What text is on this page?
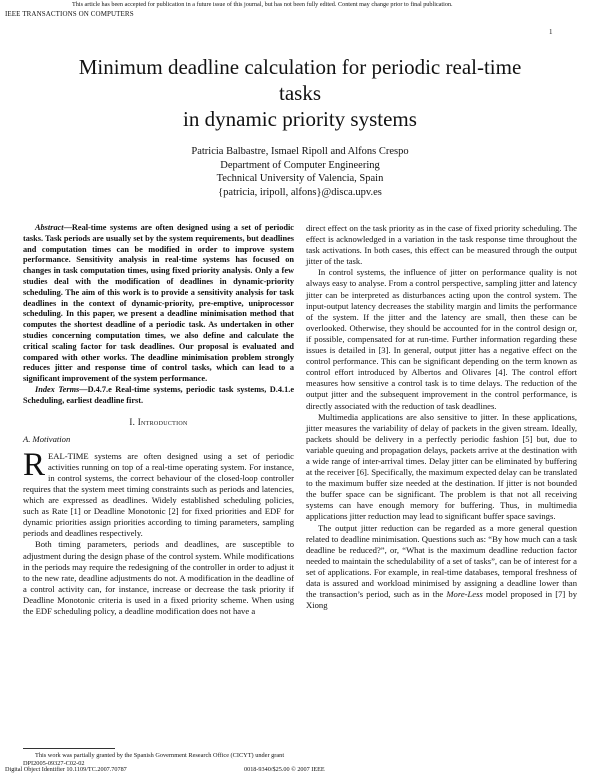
This article has been accepted for publication in a future issue of this journal, but has not been fully edited. Content may change prior to final publication.
IEEE TRANSACTIONS ON COMPUTERS
1
Minimum deadline calculation for periodic real-time
tasks
in dynamic priority systems
Patricia Balbastre, Ismael Ripoll and Alfons Crespo
Department of Computer Engineering
Technical University of Valencia, Spain
{patricia, iripoll, alfons}@disca.upv.es

Abstract—Real-time systems are often designed using a set of periodic tasks. Task periods are usually set by the system requirements, but deadlines and computation times can be modified in order to improve system performance. Sensitivity analysis in real-time systems has focused on changes in task computation times, using fixed priority analysis. Only a few studies deal with the modification of deadlines in dynamic-priority scheduling. The aim of this work is to provide a sensitivity analysis for task deadlines in the context of dynamic-priority, pre-emptive, uniprocessor scheduling. In this paper, we present a deadline minimisation method that computes the shortest deadline of a periodic task. As undertaken in other studies concerning computation times, we also define and calculate the critical scaling factor for task deadlines. Our proposal is evaluated and compared with other works. The deadline minimisation problem strongly reduces jitter and response time of control tasks, which can lead to a significant improvement of the system performance.

Index Terms—D.4.7.e Real-time systems, periodic task systems, D.4.1.e Scheduling, earliest deadline first.

I. Introduction
A. Motivation

REAL-TIME systems are often designed using a set of periodic activities running on top of a real-time operating system. For instance, in control systems, the correct behaviour of the closed-loop controller requires that the system meet timing constraints such as periods and latencies, which are expressed as deadlines. Widely established scheduling policies, such as Rate [1] or Deadline Monotonic [2] for fixed priorities and EDF for dynamic priorities assign priorities according to timing parameters, sampling periods and deadlines respectively.

Both timing parameters, periods and deadlines, are susceptible to adjustment during the design phase of the control system. While modifications in the periods may require the redesigning of the controller in order to adjust it to the new rate, deadline adjustments do not. A modification in the deadline of a control activity can, for instance, increase or decrease the task priority if Deadline Monotonic criteria is used in a fixed priority scheme. When using the EDF scheduling policy, a deadline modification does not have a

This work was partially granted by the Spanish Government Research Office (CICYT) under grant DPI2005-09327-C02-02

direct effect on the task priority as in the case of fixed priority scheduling. The effect is acknowledged in a variation in the task response time throughout the task activations. In both cases, this effect can be measured through the output jitter of the task.

In control systems, the influence of jitter on performance quality is not always easy to analyse. From a control perspective, sampling jitter and latency jitter can be interpreted as disturbances acting upon the control system. The input-output latency decreases the stability margin and limits the performance of the system. If the jitter and the latency are small, then these can be overlooked. Otherwise, they should be accounted for in the control design or, if possible, compensated for at run-time. Further information regarding these issues is detailed in [3]. In general, output jitter has a negative effect on the control performance. This can be significant depending on the term known as control effort introduced by Albertos and Olivares [4]. The control effort measures how sensitive a control task is to time delays. The reduction of the output jitter and the subsequent improvement in the control performance, is directly associated with the reduction of task deadlines.

Multimedia applications are also sensitive to jitter. In these applications, jitter measures the variability of delay of packets in the given stream. Ideally, packets should be delivery in a perfectly periodic fashion [5] but, due to variable queuing and propagation delays, packets arrive at the destination with a wide range of inter-arrival times. Delay jitter can be eliminated by buffering at the receiver [6]. Specifically, the maximum expected delay can be translated to the maximum buffer size needed at the destination. If jitter is not bounded the buffer space can be significant. The problem is that not all receiving systems can have enough memory for buffering. Thus, in multimedia applications jitter reduction may lead to significant buffer space savings.

The output jitter reduction can be regarded as a more general question related to deadline minimisation. Questions such as: “By how much can a task deadline be reduced?”, or, “What is the maximum deadline reduction factor needed to maintain the schedulability of a set of tasks”, can be of interest for a set of applications. For example, in real-time databases, temporal freshness of data is assured and workload minimised by assigning a deadline lower than the transaction’s period, such as in the More-Less model proposed in [7] by Xiong

Digital Object Identifier 10.1109/TC.2007.70787	0018-9340/$25.00 © 2007 IEEE
